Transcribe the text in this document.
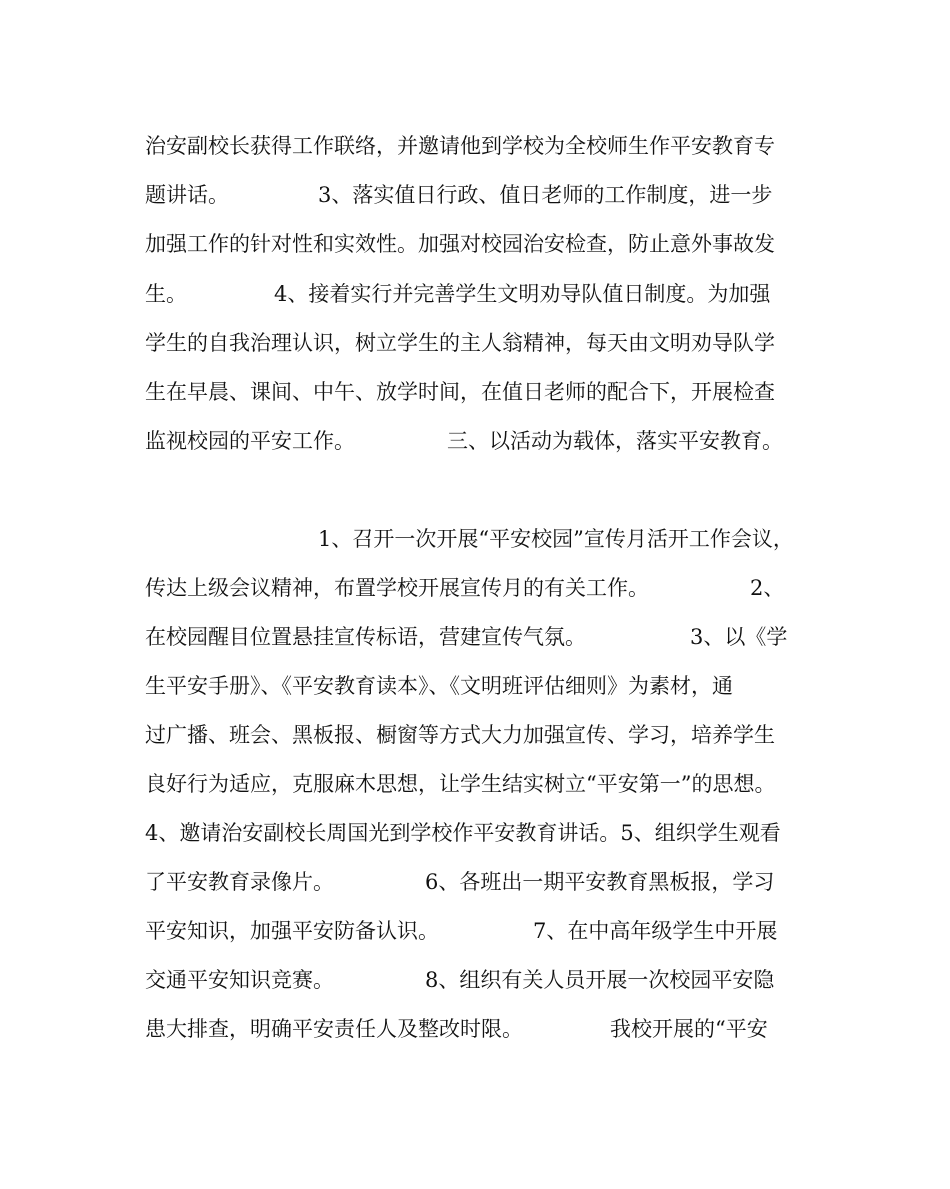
治安副校长获得工作联络，并邀请他到学校为全校师生作平安教育专
题讲话。	3、落实值日行政、值日老师的工作制度，进一步
加强工作的针对性和实效性。加强对校园治安检查，防止意外事故发
生。	4、接着实行并完善学生文明劝导队值日制度。为加强
学生的自我治理认识，树立学生的主人翁精神，每天由文明劝导队学
生在早晨、课间、中午、放学时间，在值日老师的配合下，开展检查
监视校园的平安工作。	三、以活动为载体，落实平安教育。
1、召开一次开展“平安校园”宣传月活开工作会议，
传达上级会议精神，布置学校开展宣传月的有关工作。	2、
在校园醒目位置悬挂宣传标语，营建宣传气氛。	3、以《学
生平安手册》、《平安教育读本》、《文明班评估细则》为素材，通
过广播、班会、黑板报、橱窗等方式大力加强宣传、学习，培养学生
良好行为适应，克服麻木思想，让学生结实树立“平安第一”的思想。
4、邀请治安副校长周国光到学校作平安教育讲话。5、组织学生观看
了平安教育录像片。	6、各班出一期平安教育黑板报，学习
平安知识，加强平安防备认识。	7、在中高年级学生中开展
交通平安知识竞赛。	8、组织有关人员开展一次校园平安隐
患大排查，明确平安责任人及整改时限。	我校开展的“平安
